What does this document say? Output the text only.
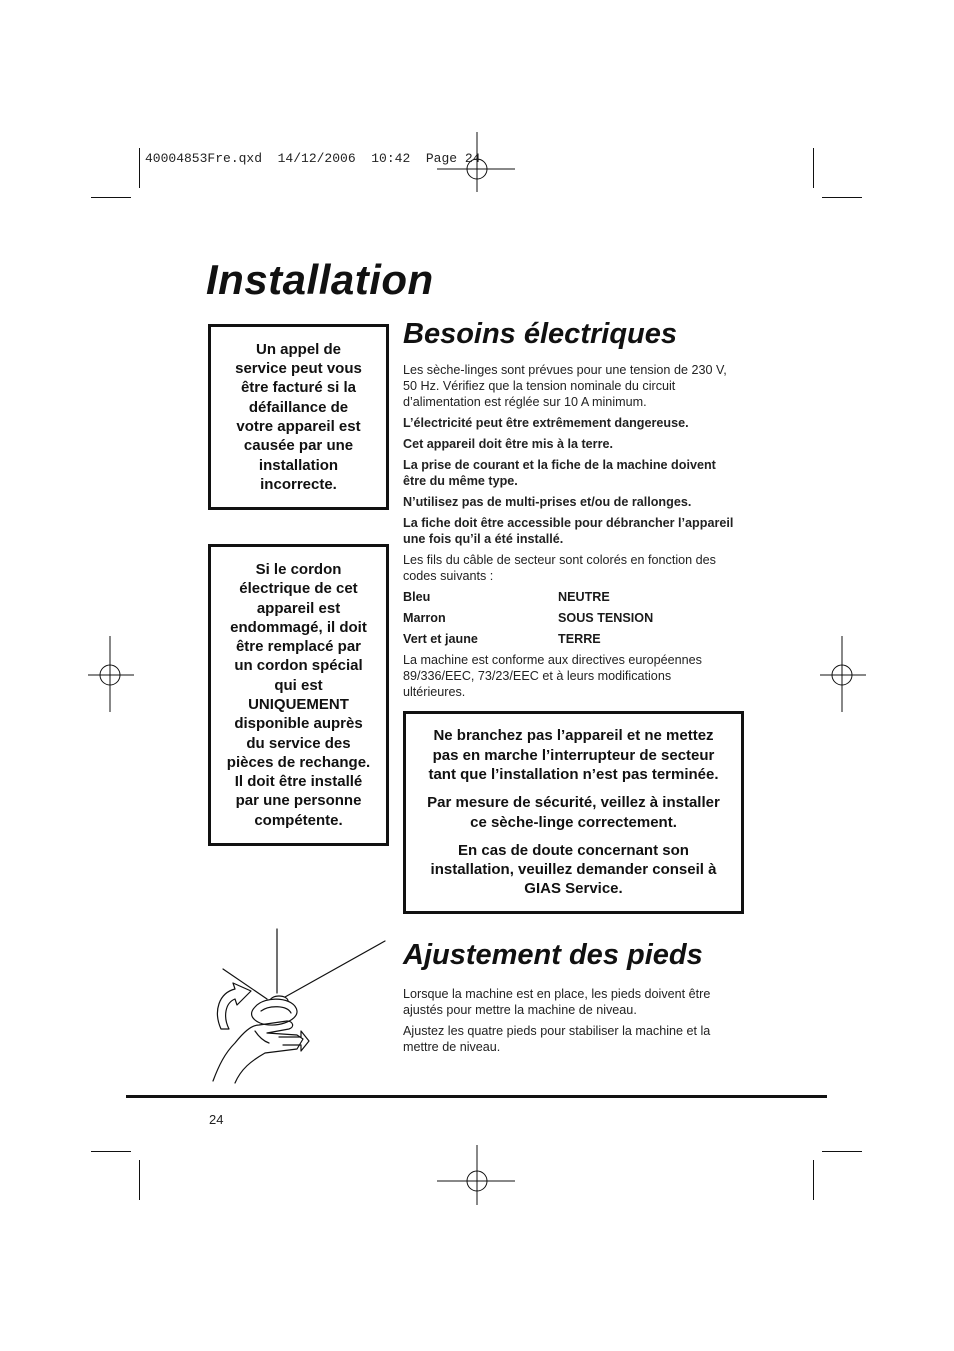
40004853Fre.qxd  14/12/2006  10:42  Page 24
Installation
Un appel de
service peut vous
être facturé si la
défaillance de
votre appareil est
causée par une
installation
incorrecte.
Si le cordon
électrique de cet
appareil est
endommagé, il doit
être remplacé par
un cordon spécial
qui est
UNIQUEMENT
disponible auprès
du service des
pièces de rechange.
Il doit être installé
par une personne
compétente.
Besoins électriques

Les sèche-linges sont prévues pour une tension de 230 V,
50 Hz. Vérifiez que la tension nominale du circuit
d’alimentation est réglée sur 10 A minimum.

L’électricité peut être extrêmement dangereuse.

Cet appareil doit être mis à la terre.

La prise de courant et la fiche de la machine doivent
être du même type.

N’utilisez pas de multi-prises et/ou de rallonges.

La fiche doit être accessible pour débrancher l’appareil
une fois qu’il a été installé.

Les fils du câble de secteur sont colorés en fonction des
codes suivants :

Bleu	NEUTRE
Marron	SOUS TENSION
Vert et jaune	TERRE

La machine est conforme aux directives européennes
89/336/EEC, 73/23/EEC et à leurs modifications
ultérieures.

Ne branchez pas l’appareil et ne mettez
pas en marche l’interrupteur de secteur
tant que l’installation n’est pas terminée.

Par mesure de sécurité, veillez à installer
ce sèche-linge correctement.

En cas de doute concernant son
installation, veuillez demander conseil à
GIAS Service.

Ajustement des pieds

Lorsque la machine est en place, les pieds doivent être
ajustés pour mettre la machine de niveau.

Ajustez les quatre pieds pour stabiliser la machine et la
mettre de niveau.

24
